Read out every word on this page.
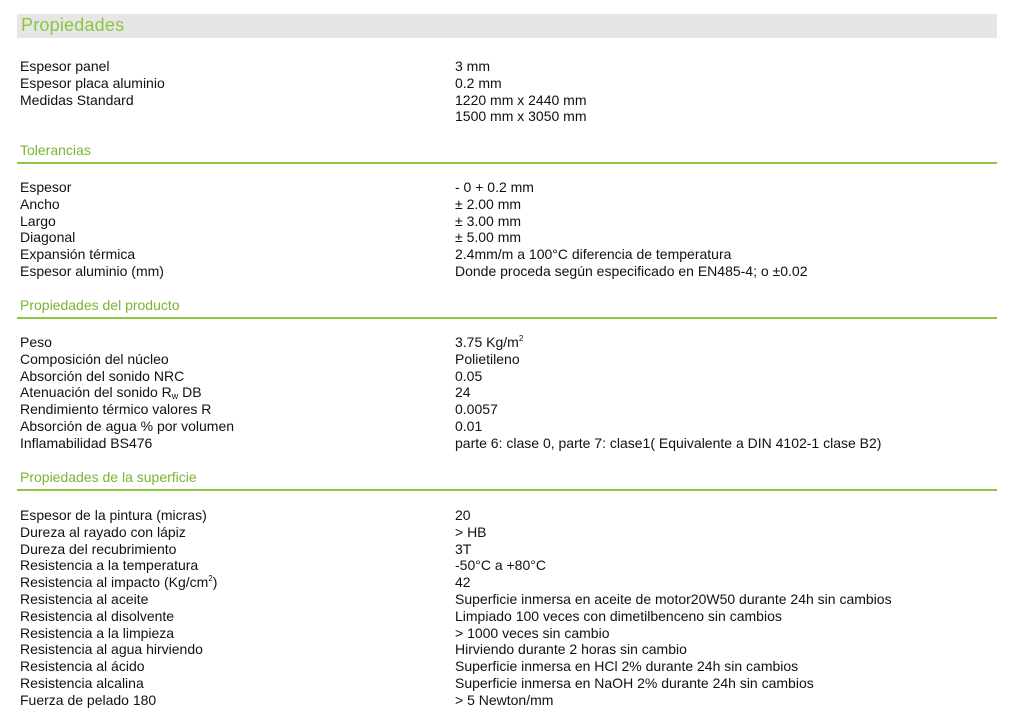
Propiedades
Espesor panel	3 mm
Espesor placa aluminio	0.2 mm
Medidas Standard	1220 mm x 2440 mm
1500 mm x 3050 mm
Tolerancias
Espesor	- 0 + 0.2 mm
Ancho	± 2.00 mm
Largo	± 3.00 mm
Diagonal	± 5.00 mm
Expansión térmica	2.4mm/m a 100°C diferencia de temperatura
Espesor aluminio (mm)	Donde proceda según especificado en EN485-4; o ±0.02
Propiedades del producto
Peso	3.75 $Kg/m^2$
Composición del núcleo	Polietileno
Absorción del sonido NRC	0.05
Atenuación del sonido $R_w$ DB	24
Rendimiento térmico valores R	0.0057
Absorción de agua % por volumen	0.01
Inflamabilidad BS476	parte 6: clase 0, parte 7: clase1( Equivalente a DIN 4102-1 clase B2)
Propiedades de la superficie
Espesor de la pintura (micras)	20
Dureza al rayado con lápiz	> HB
Dureza del recubrimiento	3T
Resistencia a la temperatura	-50°C a +80°C
Resistencia al impacto $(Kg/cm^2)$	42
Resistencia al aceite	Superficie inmersa en aceite de motor20W50 durante 24h sin cambios
Resistencia al disolvente	Limpiado 100 veces con dimetilbenceno sin cambios
Resistencia a la limpieza	> 1000 veces sin cambio
Resistencia al agua hirviendo	Hirviendo durante 2 horas sin cambio
Resistencia al ácido	Superficie inmersa en HCl 2% durante 24h sin cambios
Resistencia alcalina	Superficie inmersa en NaOH 2% durante 24h sin cambios
Fuerza de pelado 180	> 5 Newton/mm
